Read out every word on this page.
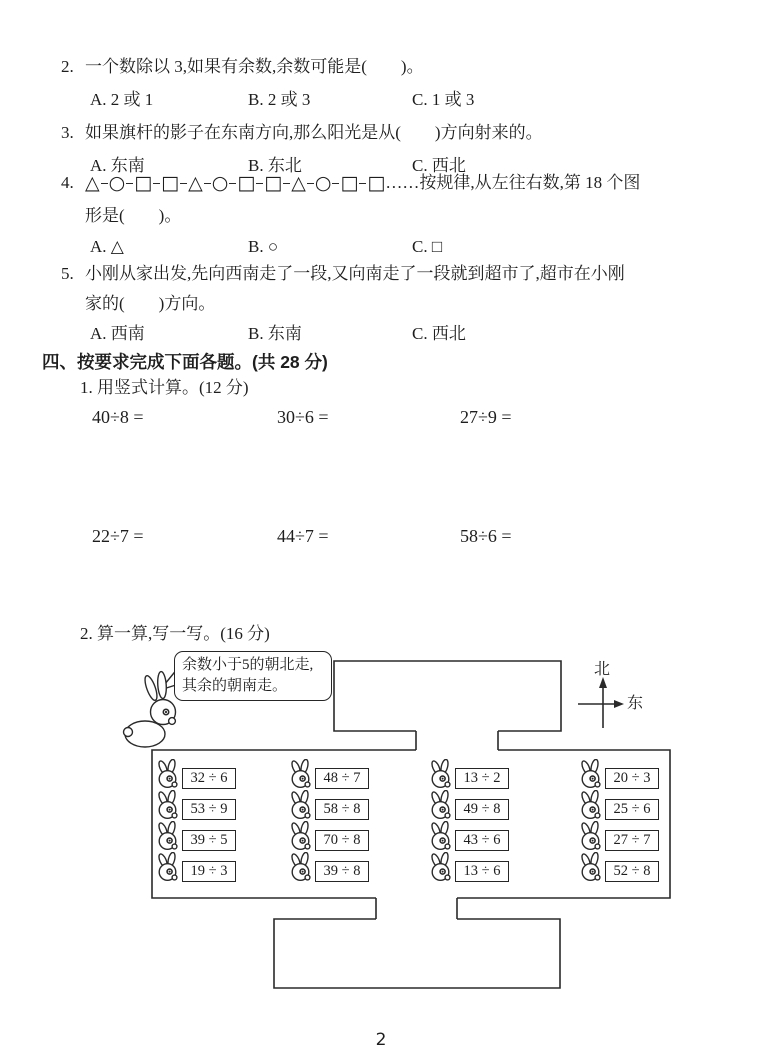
2. 一个数除以 3,如果有余数,余数可能是(　　)。
A. 2 或 1	B. 2 或 3	C. 1 或 3
3. 如果旗杆的影子在东南方向,那么阳光是从(　　)方向射来的。
A. 东南	B. 东北	C. 西北
4. △ ○ □ □ △ ○ □ □ △ ○ □ □ ……按规律,从左往右数,第 18 个图
形是(　　)。
A. △	B. ○	C. □
5. 小刚从家出发,先向西南走了一段,又向南走了一段就到超市了,超市在小刚
家的(　　)方向。
A. 西南	B. 东南	C. 西北
四、按要求完成下面各题。(共 28 分)
1. 用竖式计算。(12 分)
40÷8 =	30÷6 =	27÷9 =
22÷7 =	44÷7 =	58÷6 =
2. 算一算,写一写。(16 分)
余数小于5的朝北走,
其余的朝南走。
北
东
32 ÷ 6
53 ÷ 9
39 ÷ 5
19 ÷ 3
48 ÷ 7
58 ÷ 8
70 ÷ 8
39 ÷ 8
13 ÷ 2
49 ÷ 8
43 ÷ 6
13 ÷ 6
20 ÷ 3
25 ÷ 6
27 ÷ 7
52 ÷ 8
2
